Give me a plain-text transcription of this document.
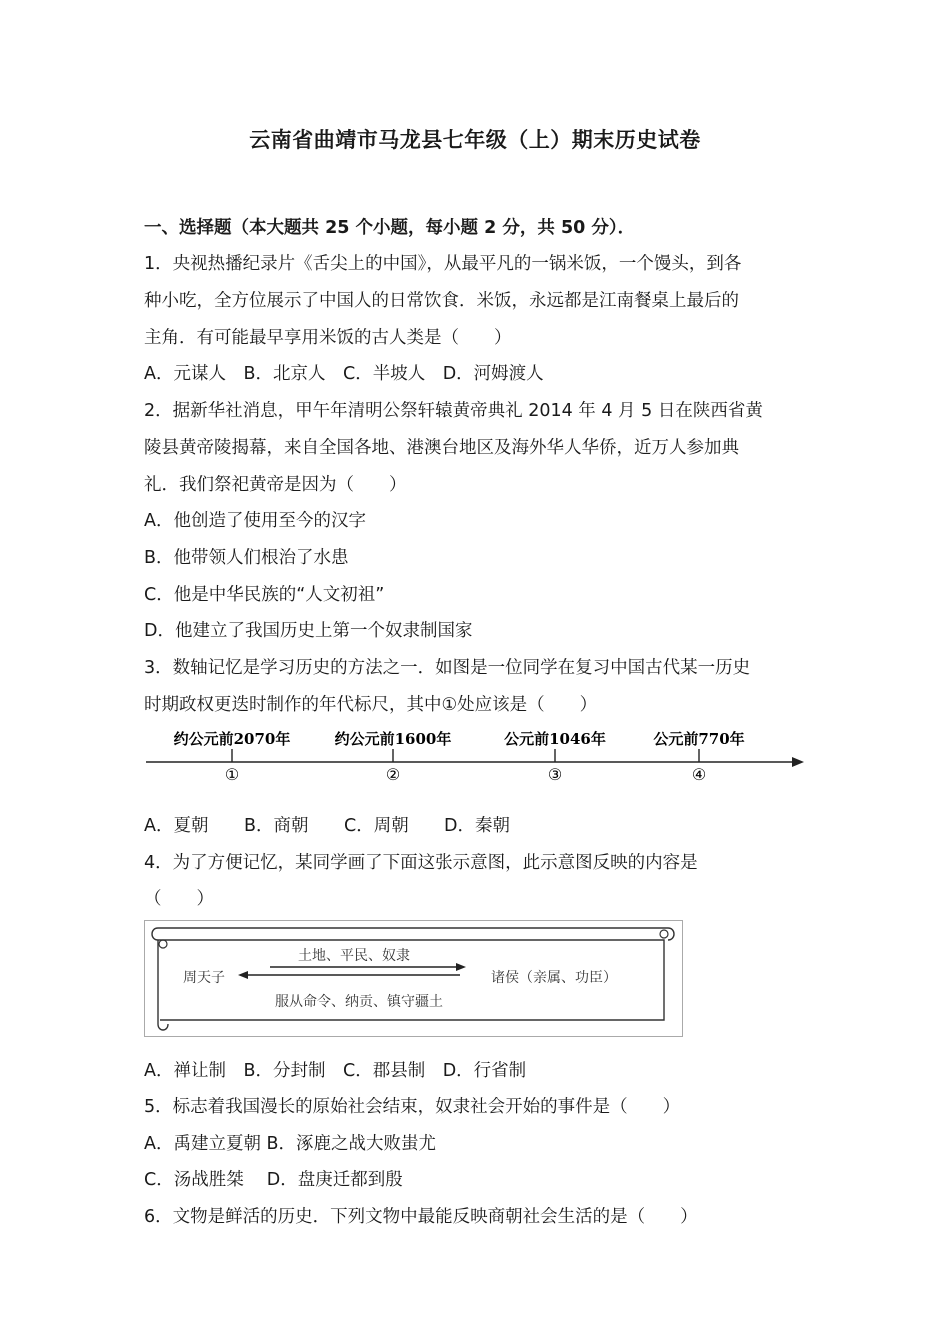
云南省曲靖市马龙县七年级（上）期末历史试卷
一、选择题（本大题共 25 个小题，每小题 2 分，共 50 分）．
1．央视热播纪录片《舌尖上的中国》，从最平凡的一锅米饭，一个馒头，到各
种小吃，全方位展示了中国人的日常饮食．米饭，永远都是江南餐桌上最后的
主角．有可能最早享用米饭的古人类是（　　）
A．元谋人　B．北京人　C．半坡人　D．河姆渡人
2．据新华社消息，甲午年清明公祭轩辕黄帝典礼 2014 年 4 月 5 日在陕西省黄
陵县黄帝陵揭幕，来自全国各地、港澳台地区及海外华人华侨，近万人参加典
礼．我们祭祀黄帝是因为（　　）
A．他创造了使用至今的汉字
B．他带领人们根治了水患
C．他是中华民族的“人文初祖”
D．他建立了我国历史上第一个奴隶制国家
3．数轴记忆是学习历史的方法之一．如图是一位同学在复习中国古代某一历史
时期政权更迭时制作的年代标尺，其中①处应该是（　　）
约公元前2070年	约公元前1600年	公元前1046年	公元前770年
①	②	③	④
A．夏朝 B．商朝 C．周朝 D．秦朝
4．为了方便记忆，某同学画了下面这张示意图，此示意图反映的内容是
（　　）
土地、平民、奴隶
周天子	诸侯（亲属、功臣）
服从命令、纳贡、镇守疆土
A．禅让制　B．分封制　C．郡县制　D．行省制
5．标志着我国漫长的原始社会结束，奴隶社会开始的事件是（　　）
A．禹建立夏朝 B．涿鹿之战大败蚩尤
C．汤战胜桀　 D．盘庚迁都到殷
6．文物是鲜活的历史．下列文物中最能反映商朝社会生活的是（　　）
